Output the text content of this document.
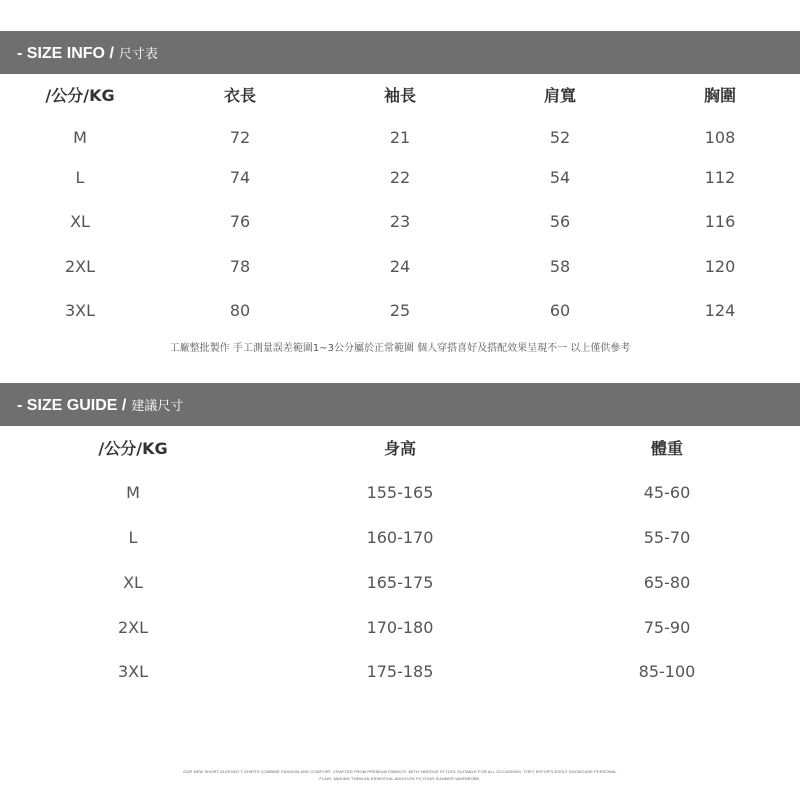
- SIZE INFO / 尺寸表
/公分/KG	衣長	袖長	肩寬	胸圍
M	72	21	52	108
L	74	22	54	112
XL	76	23	56	116
2XL	78	24	58	120
3XL	80	25	60	124
工廠整批製作 手工測量誤差範圍1~3公分屬於正常範圍 個人穿搭喜好及搭配效果呈現不一 以上僅供參考
- SIZE GUIDE / 建議尺寸
/公分/KG	身高	體重
M	155-165	45-60
L	160-170	55-70
XL	165-175	65-80
2XL	170-180	75-90
3XL	175-185	85-100
OUR NEW SHORT-SLEEVED T-SHIRTS COMBINE FASHION AND COMFORT, CRAFTED FROM PREMIUM FABRICS. WITH VARIOUS STYLES SUITABLE FOR ALL OCCASIONS, THEY EFFORTLESSLY SHOWCASE PERSONAL FLAIR, MAKING THEM AN ESSENTIAL ADDITION TO YOUR SUMMER WARDROBE.
